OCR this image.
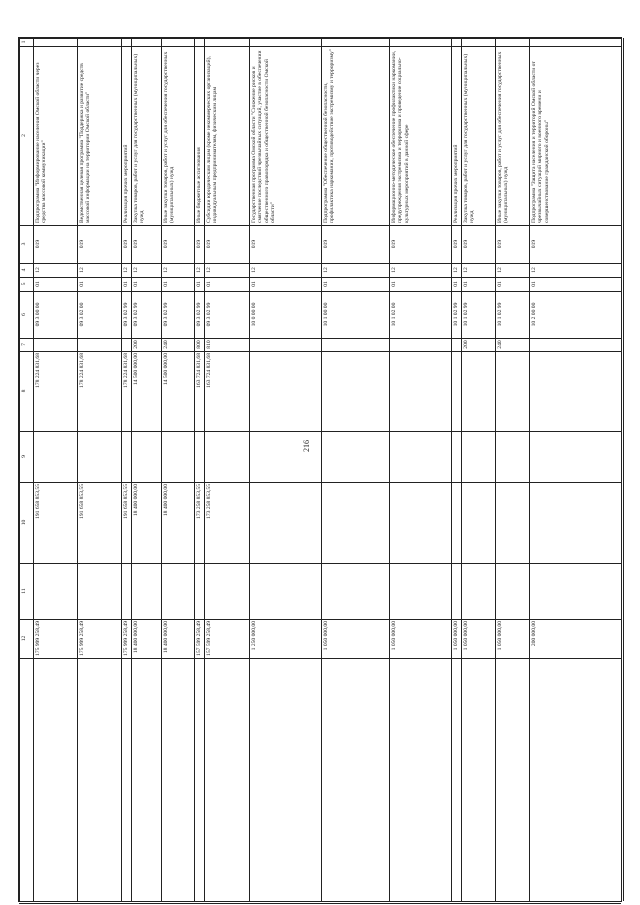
216
1
2
3
4
5
6
7
8
9
10
11
12
Подпрограмма "Информирование населения Омской области через средства массовой коммуникации"
019
12
01
09 3 00 00
178 224 831,68
191 658 853,55
175 999 258,49
Ведомственная целевая программа "Поддержка и развитие средств массовой информации на территории Омской области"
019
12
01
09 3 02 00
178 224 831,68
191 658 853,55
175 999 258,49
Реализация прочих мероприятий
019
12
01
09 3 02 99
178 224 831,68
191 658 853,55
175 999 258,49
Закупка товаров, работ и услуг для государственных (муниципальных) нужд
019
12
01
09 3 02 99
200
14 500 000,00
18 400 000,00
18 400 000,00
Иные закупки товаров, работ и услуг для обеспечения государственных (муниципальных) нужд
019
12
01
09 3 02 99
240
14 500 000,00
18 400 000,00
18 400 000,00
Иные бюджетные ассигнования
019
12
01
09 3 02 99
800
163 724 831,68
173 258 853,55
157 599 258,49
Субсидии юридическим лицам (кроме некоммерческих организаций), индивидуальным предпринимателям, физическим лицам
019
12
01
09 3 02 99
810
163 724 831,68
173 258 853,55
157 599 258,49
Государственная программа Омской области "Снижение рисков и смягчение последствий чрезвычайных ситуаций, участие в обеспечении общественного правопорядка и общественной безопасности Омской области"
019
12
01
10 0 00 00
1 250 000,00
Подпрограмма "Обеспечение общественной безопасности, профилактика наркомании, противодействие экстремизму и терроризму"
019
12
01
10 1 00 00
1 050 000,00
Информационно-методическое обеспечение профилактики наркомании, предупреждения экстремизма и терроризма и проведение социально-культурных мероприятий в данной сфере
019
12
01
10 1 02 00
1 050 000,00
Реализация прочих мероприятий
019
12
01
10 1 02 99
1 050 000,00
Закупка товаров, работ и услуг для государственных (муниципальных) нужд
019
12
01
10 1 02 99
200
1 050 000,00
Иные закупки товаров, работ и услуг для обеспечения государственных (муниципальных) нужд
019
12
01
10 1 02 99
240
1 050 000,00
Подпрограмма "Защита населения и территорий Омской области от чрезвычайных ситуаций мирного и военного времени и совершенствование гражданской обороны"
019
12
01
10 2 00 00
200 000,00
